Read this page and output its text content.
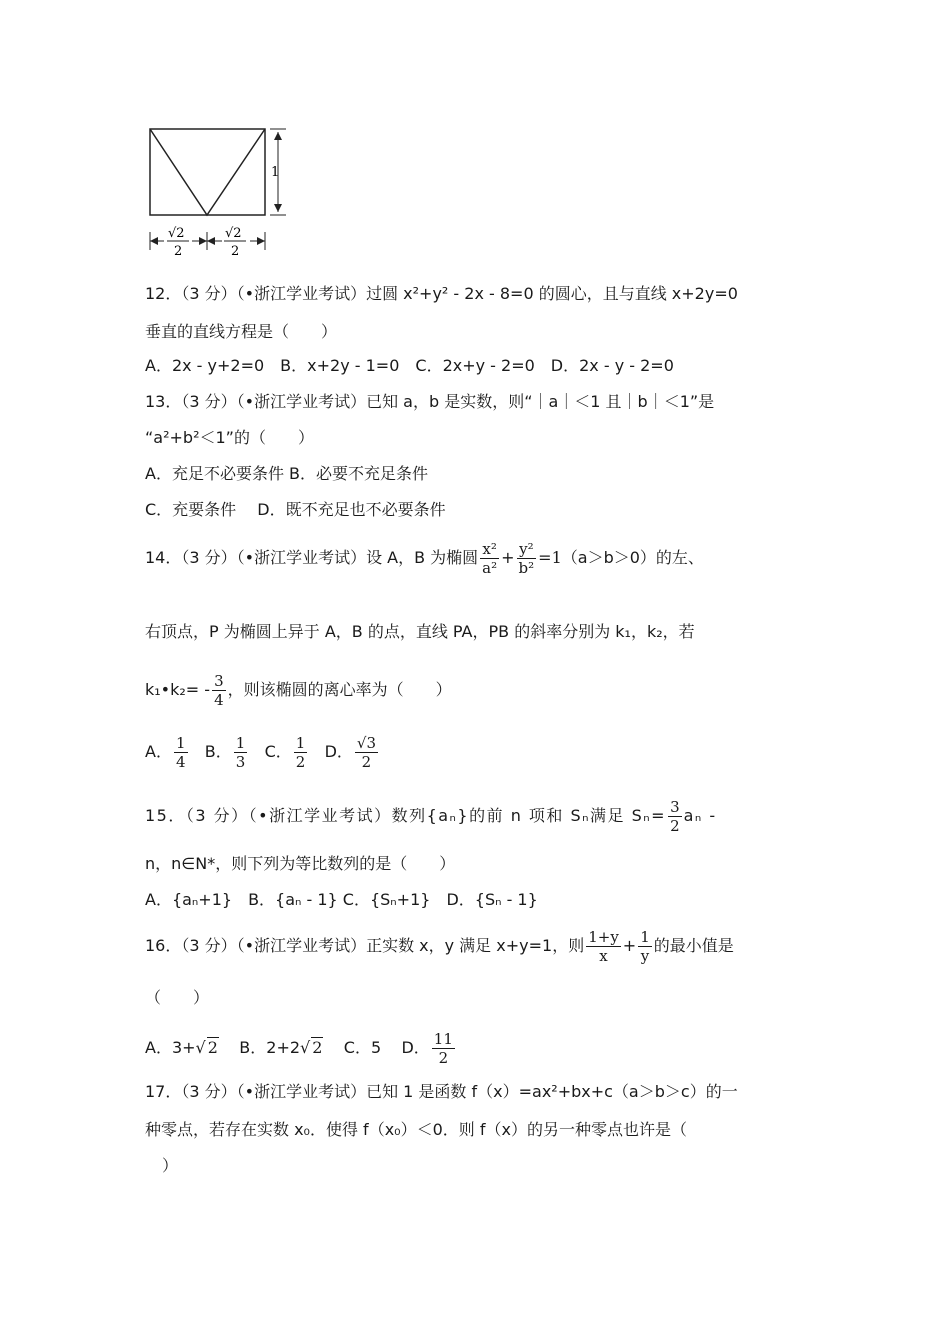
1
√2
2
√2
2
12．（3 分）（•浙江学业考试）过圆 x²+y² - 2x - 8=0 的圆心，且与直线 x+2y=0
垂直的直线方程是（　　）
A．2x - y+2=0　B．x+2y - 1=0　C．2x+y - 2=0　D．2x - y - 2=0
13．（3 分）（•浙江学业考试）已知 a，b 是实数，则“｜a｜＜1 且｜b｜＜1”是
“a²+b²＜1”的（　　）
A．充足不必要条件 B．必要不充足条件
C．充要条件　 D．既不充足也不必要条件
14．（3 分）（•浙江学业考试）设 A，B 为椭圆 $\frac{\text{x²}}{\text{a²}} + \frac{\text{y²}}{\text{b²}} =1(a>b>0)$的左、
右顶点，P 为椭圆上异于 A，B 的点，直线 PA，PB 的斜率分别为 k₁，k₂，若
k₁•k₂= - $\frac{3}{4}$ ，则该椭圆的离心率为（　　）
A． $\frac{1}{4}$ B． $\frac{1}{3}$ C． $\frac{1}{2}$ D． $\frac{√3}{2}$
15．（3 分）（•浙江学业考试）数列{aₙ}的前 n 项和 Sₙ满足 $S_n= \frac{3}{2}$ aₙ -
n，n∈N*，则下列为等比数列的是（　　）
A．{aₙ+1}　B．{aₙ - 1} C．{Sₙ+1}　D．{Sₙ - 1}
16．（3 分）（•浙江学业考试）正实数 x，y 满足 x+y=1，则 $\frac{1+y}{x} + \frac{1}{y}$ 的最小值是
（　　）
A．3+√ 2 B．2+2√ 2 C．5 D． $\frac{11}{2}$
17．（3 分）（•浙江学业考试）已知 1 是函数 f（x）=ax²+bx+c（a＞b＞c）的一
种零点，若存在实数 x₀．使得 f（x₀）＜0．则 f（x）的另一种零点也许是（
）
